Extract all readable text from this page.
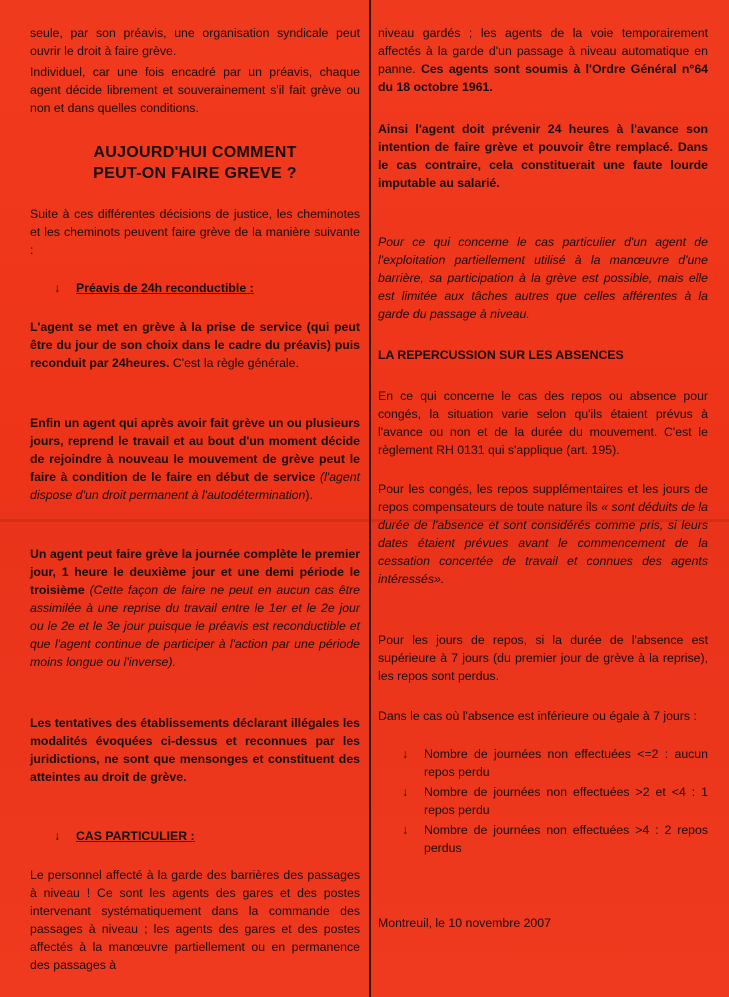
seule, par son préavis, une organisation syndicale peut ouvrir le droit à faire grève.

Individuel, car une fois encadré par un préavis, chaque agent décide librement et souverainement s'il fait grève ou non et dans quelles conditions.

AUJOURD'HUI COMMENT
PEUT-ON FAIRE GREVE ?

Suite à ces différentes décisions de justice, les cheminotes et les cheminots peuvent faire grève de la manière suivante :

↓ Préavis de 24h reconductible :

L'agent se met en grève à la prise de service (qui peut être du jour de son choix dans le cadre du préavis) puis reconduit par 24heures. C'est la règle générale.

Enfin un agent qui après avoir fait grève un ou plusieurs jours, reprend le travail et au bout d'un moment décide de rejoindre à nouveau le mouvement de grève peut le faire à condition de le faire en début de service (l'agent dispose d'un droit permanent à l'autodétermination).

Un agent peut faire grève la journée complète le premier jour, 1 heure le deuxième jour et une demi période le troisième (Cette façon de faire ne peut en aucun cas être assimilée à une reprise du travail entre le 1er et le 2e jour ou le 2e et le 3e jour puisque le préavis est reconductible et que l'agent continue de participer à l'action par une période moins longue ou l'inverse).

Les tentatives des établissements déclarant illégales les modalités évoquées ci-dessus et reconnues par les juridictions, ne sont que mensonges et constituent des atteintes au droit de grève.

↓ CAS PARTICULIER :

Le personnel affecté à la garde des barrières des passages à niveau ! Ce sont les agents des gares et des postes intervenant systématiquement dans la commande des passages à niveau ; les agents des gares et des postes affectés à la manœuvre partiellement ou en permanence des passages à

niveau gardés ; les agents de la voie temporairement affectés à la garde d'un passage à niveau automatique en panne. Ces agents sont soumis à l'Ordre Général n°64 du 18 octobre 1961.

Ainsi l'agent doit prévenir 24 heures à l'avance son intention de faire grève et pouvoir être remplacé. Dans le cas contraire, cela constituerait une faute lourde imputable au salarié.

Pour ce qui concerne le cas particulier d'un agent de l'exploitation partiellement utilisé à la manœuvre d'une barrière, sa participation à la grève est possible, mais elle est limitée aux tâches autres que celles afférentes à la garde du passage à niveau.

LA REPERCUSSION SUR LES ABSENCES

En ce qui concerne le cas des repos ou absence pour congés, la situation varie selon qu'ils étaient prévus à l'avance ou non et de la durée du mouvement. C'est le règlement RH 0131 qui s'applique (art. 195).

Pour les congés, les repos supplémentaires et les jours de repos compensateurs de toute nature ils « sont déduits de la durée de l'absence et sont considérés comme pris, si leurs dates étaient prévues avant le commencement de la cessation concertée de travail et connues des agents intéressés».

Pour les jours de repos, si la durée de l'absence est supérieure à 7 jours (du premier jour de grève à la reprise), les repos sont perdus.

Dans le cas où l'absence est inférieure ou égale à 7 jours :

↓	Nombre de journées non effectuées <=2 : aucun repos perdu
↓	Nombre de journées non effectuées >2 et <4 : 1 repos perdu
↓	Nombre de journées non effectuées >4 : 2 repos perdus

Montreuil, le 10 novembre 2007
